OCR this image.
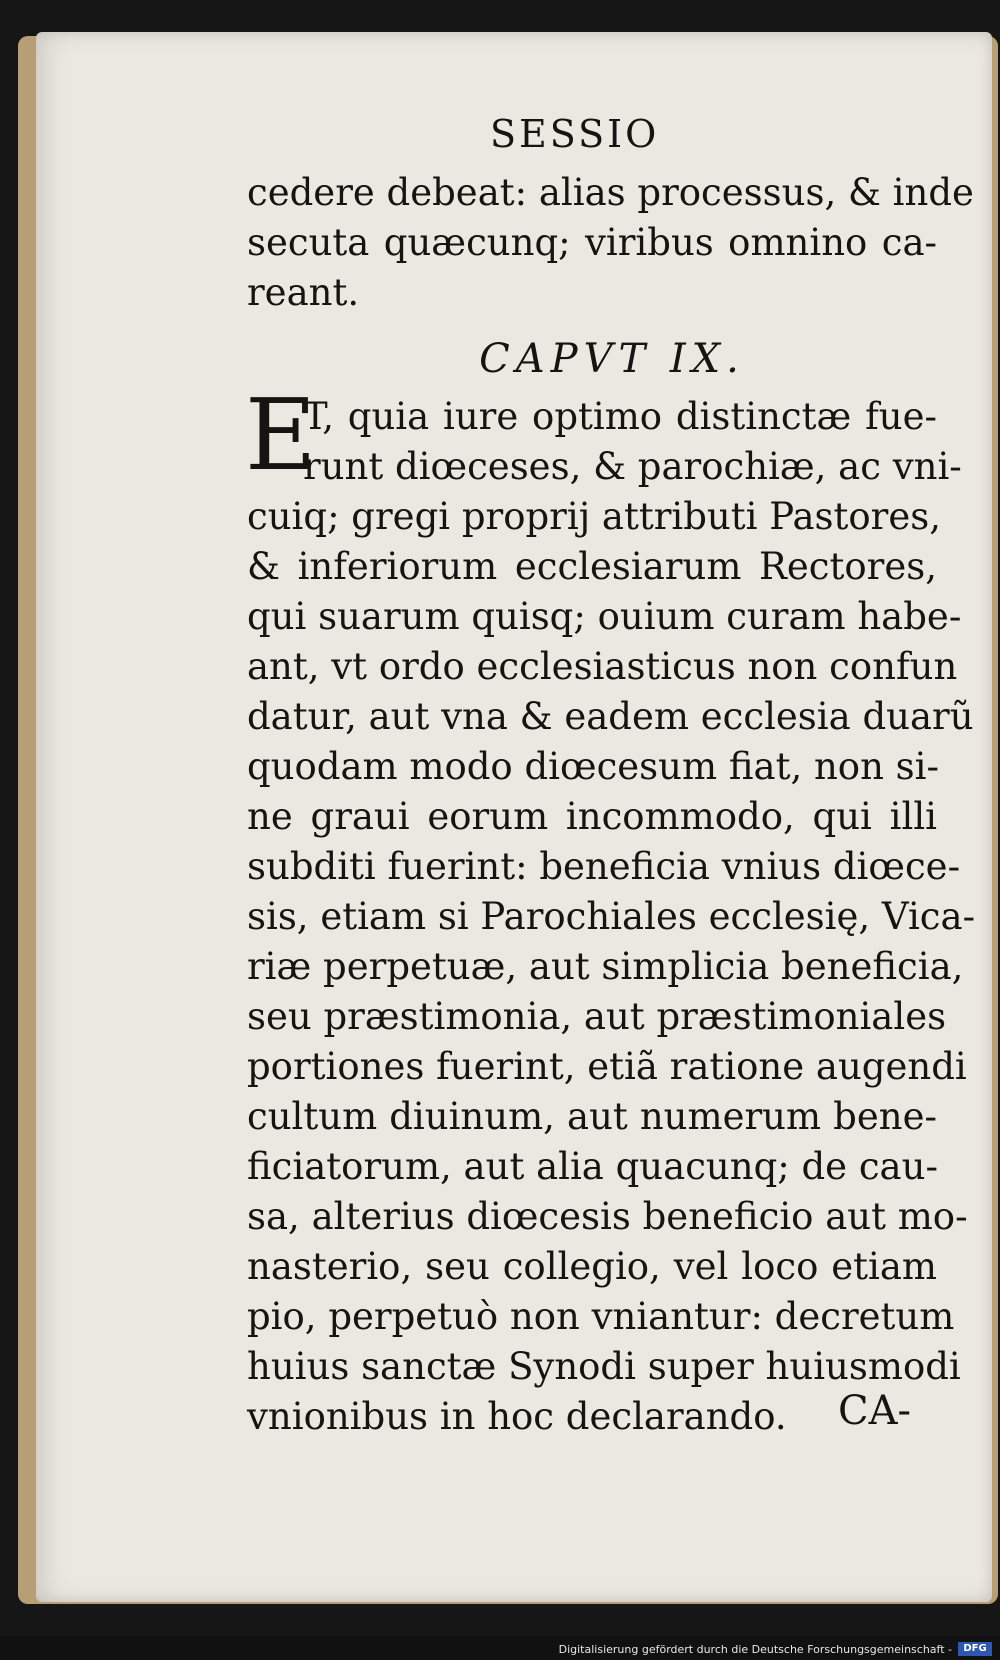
SESSIO
cedere debeat: alias processus, & inde
secuta quæcunq; viribus omnino ca-
reant.
CAPVT IX.
E
T, quia iure optimo distinctæ fue-
runt diœceses, & parochiæ, ac vni-
cuiq; gregi proprij attributi Pastores,
& inferiorum ecclesiarum Rectores,
qui suarum quisq; ouium curam habe-
ant, vt ordo ecclesiasticus non confun
datur, aut vna & eadem ecclesia duarũ
quodam modo diœcesum fiat, non si-
ne graui eorum incommodo, qui illi
subditi fuerint: beneficia vnius diœce-
sis, etiam si Parochiales ecclesię, Vica-
riæ perpetuæ, aut simplicia beneficia,
seu præstimonia, aut præstimoniales
portiones fuerint, etiã ratione augendi
cultum diuinum, aut numerum bene-
ficiatorum, aut alia quacunq; de cau-
sa, alterius diœcesis beneficio aut mo-
nasterio, seu collegio, vel loco etiam
pio, perpetuò non vniantur: decretum
huius sanctæ Synodi super huiusmodi
vnionibus in hoc declarando.	CA-
Digitalisierung gefördert durch die Deutsche Forschungsgemeinschaft -	DFG
